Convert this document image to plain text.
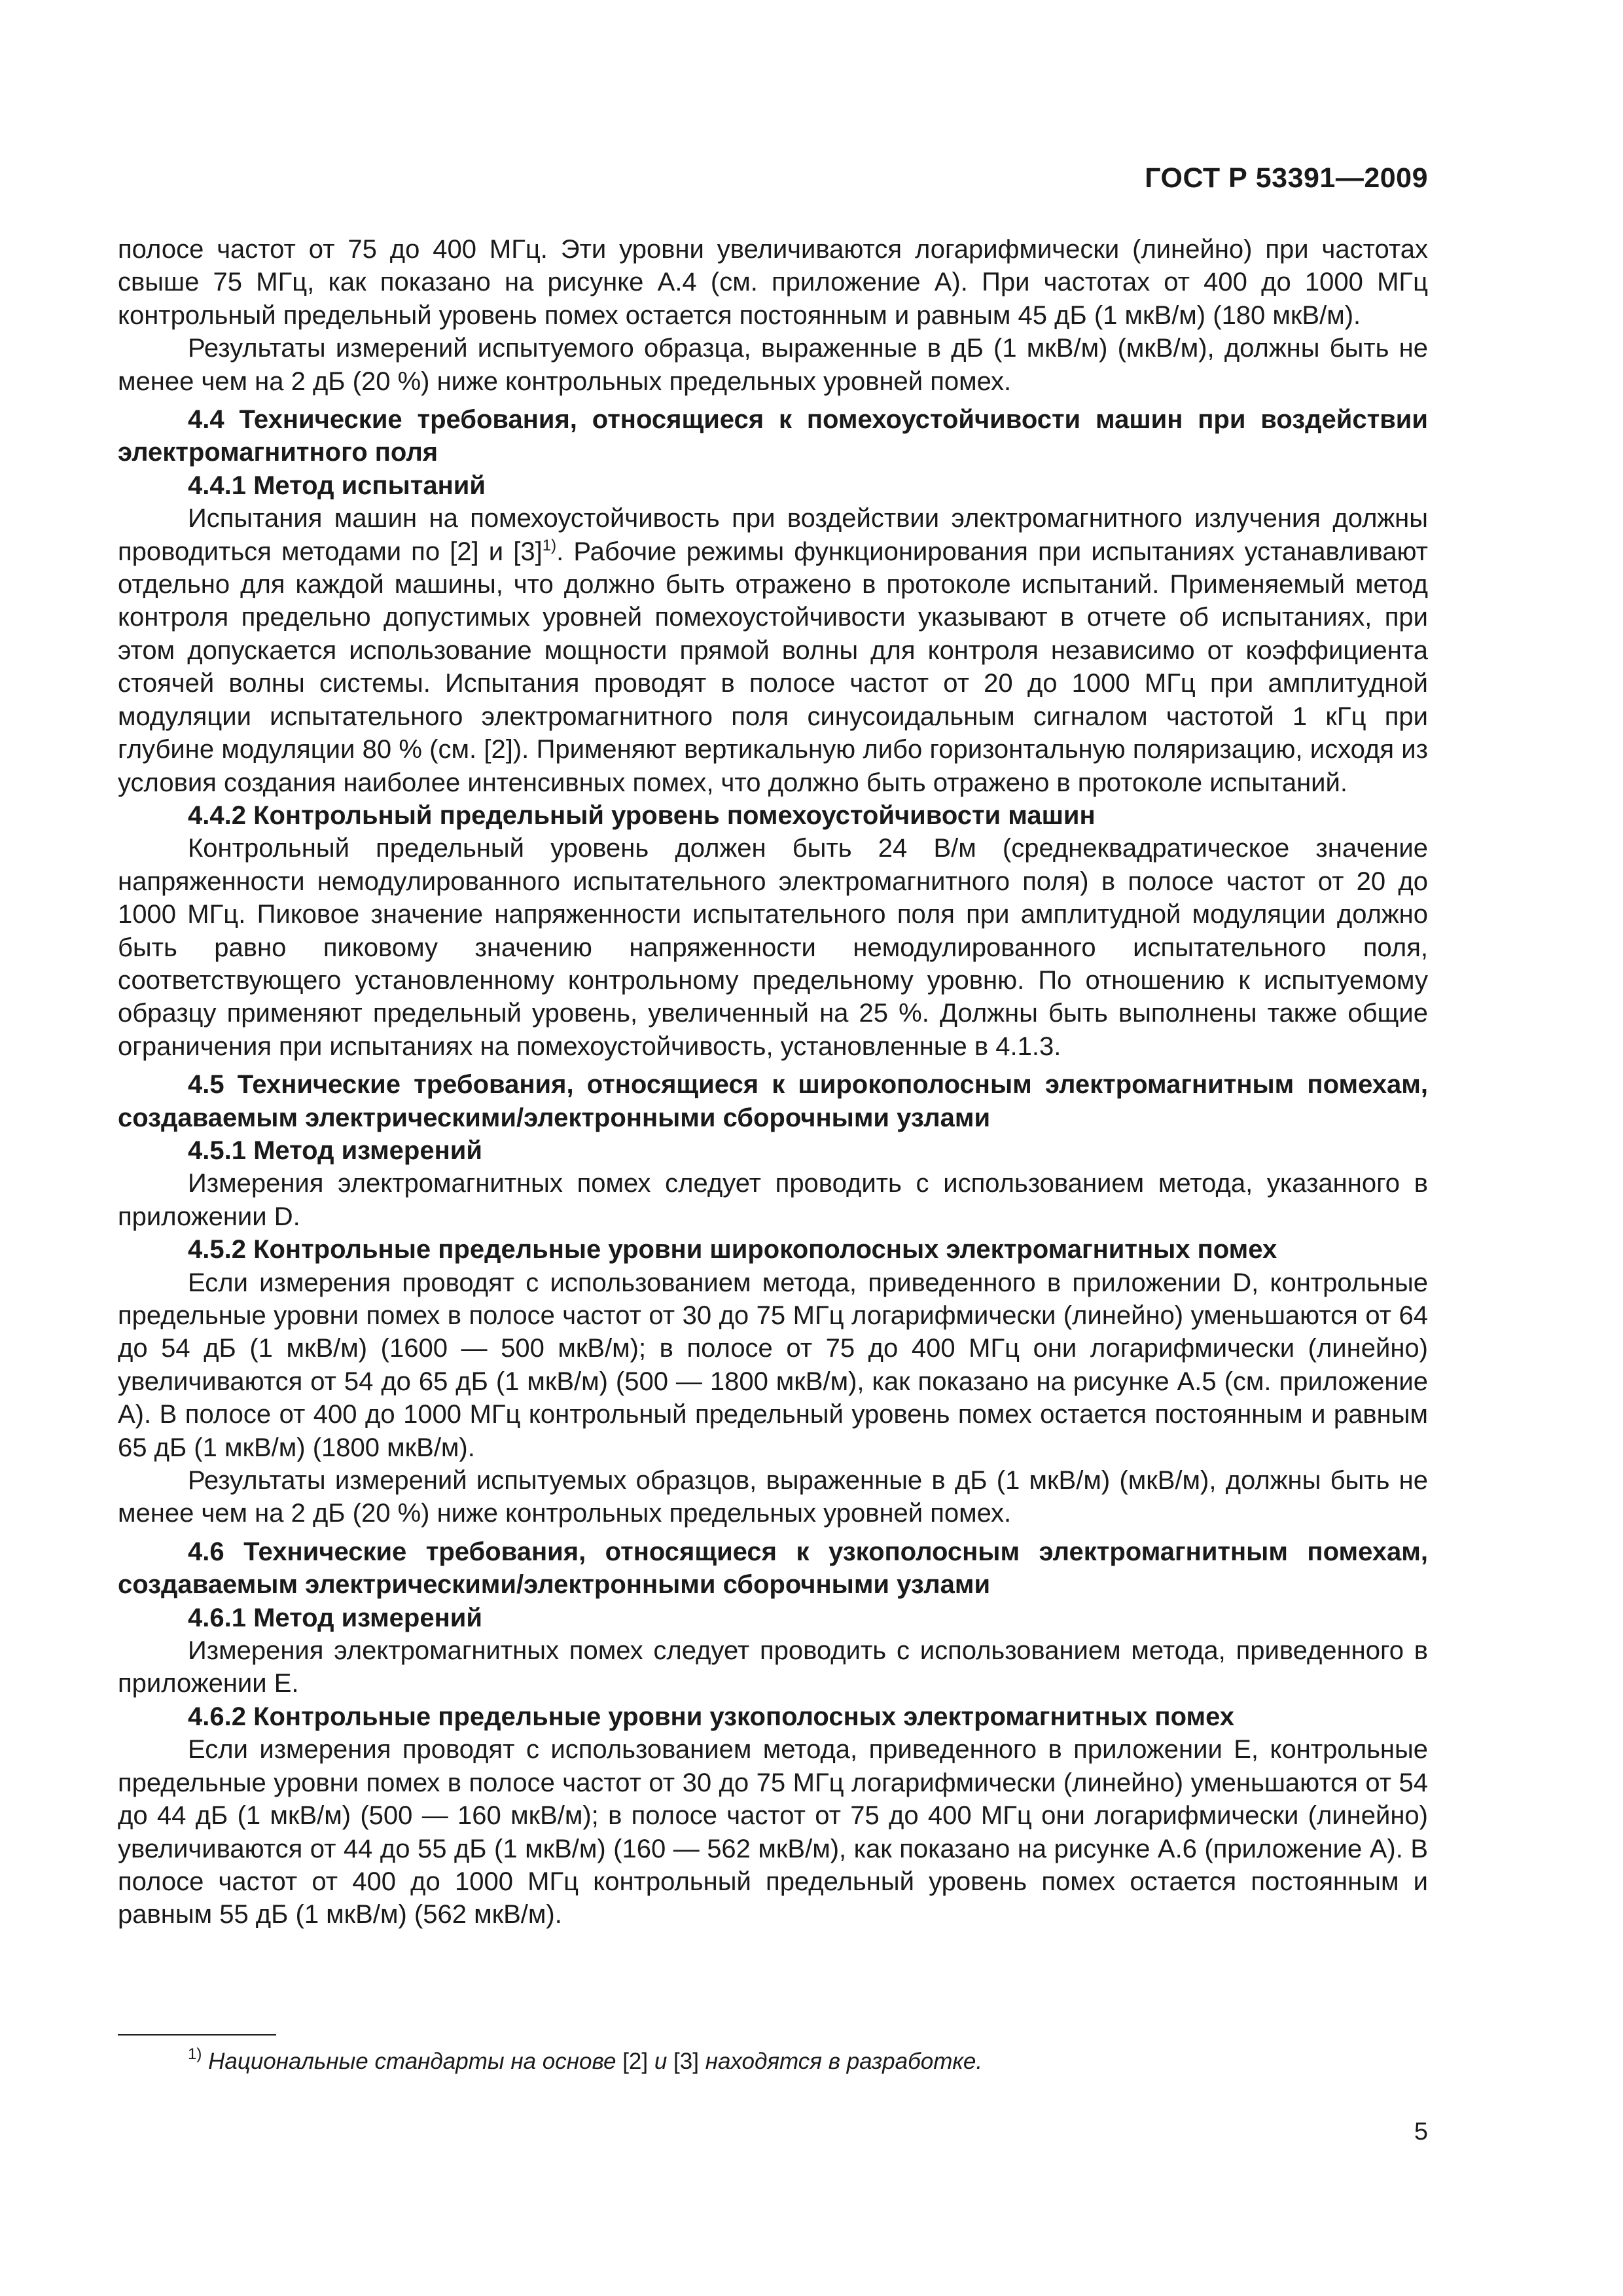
ГОСТ Р 53391—2009

полосе частот от 75 до 400 МГц. Эти уровни увеличиваются логарифмически (линейно) при частотах свыше 75 МГц, как показано на рисунке А.4 (см. приложение А). При частотах от 400 до 1000 МГц контрольный предельный уровень помех остается постоянным и равным 45 дБ (1 мкВ/м) (180 мкВ/м).

Результаты измерений испытуемого образца, выраженные в дБ (1 мкВ/м) (мкВ/м), должны быть не менее чем на 2 дБ (20 %) ниже контрольных предельных уровней помех.

4.4 Технические требования, относящиеся к помехоустойчивости машин при воздействии электромагнитного поля
4.4.1 Метод испытаний

Испытания машин на помехоустойчивость при воздействии электромагнитного излучения должны проводиться методами по [2] и $[3]^{1)}$. Рабочие режимы функционирования при испытаниях устанавливают отдельно для каждой машины, что должно быть отражено в протоколе испытаний. Применяемый метод контроля предельно допустимых уровней помехоустойчивости указывают в отчете об испытаниях, при этом допускается использование мощности прямой волны для контроля независимо от коэффициента стоячей волны системы. Испытания проводят в полосе частот от 20 до 1000 МГц при амплитудной модуляции испытательного электромагнитного поля синусоидальным сигналом частотой 1 кГц при глубине модуляции 80 % (см. [2]). Применяют вертикальную либо горизонтальную поляризацию, исходя из условия создания наиболее интенсивных помех, что должно быть отражено в протоколе испытаний.

4.4.2 Контрольный предельный уровень помехоустойчивости машин

Контрольный предельный уровень должен быть 24 В/м (среднеквадратическое значение напряженности немодулированного испытательного электромагнитного поля) в полосе частот от 20 до 1000 МГц. Пиковое значение напряженности испытательного поля при амплитудной модуляции должно быть равно пиковому значению напряженности немодулированного испытательного поля, соответствующего установленному контрольному предельному уровню. По отношению к испытуемому образцу применяют предельный уровень, увеличенный на 25 %. Должны быть выполнены также общие ограничения при испытаниях на помехоустойчивость, установленные в 4.1.3.

4.5 Технические требования, относящиеся к широкополосным электромагнитным помехам, создаваемым электрическими/электронными сборочными узлами
4.5.1 Метод измерений

Измерения электромагнитных помех следует проводить с использованием метода, указанного в приложении D.

4.5.2 Контрольные предельные уровни широкополосных электромагнитных помех

Если измерения проводят с использованием метода, приведенного в приложении D, контрольные предельные уровни помех в полосе частот от 30 до 75 МГц логарифмически (линейно) уменьшаются от 64 до 54 дБ (1 мкВ/м) (1600 — 500 мкВ/м); в полосе от 75 до 400 МГц они логарифмически (линейно) увеличиваются от 54 до 65 дБ (1 мкВ/м) (500 — 1800 мкВ/м), как показано на рисунке А.5 (см. приложение А). В полосе от 400 до 1000 МГц контрольный предельный уровень помех остается постоянным и равным 65 дБ (1 мкВ/м) (1800 мкВ/м).

Результаты измерений испытуемых образцов, выраженные в дБ (1 мкВ/м) (мкВ/м), должны быть не менее чем на 2 дБ (20 %) ниже контрольных предельных уровней помех.

4.6 Технические требования, относящиеся к узкополосным электромагнитным помехам, создаваемым электрическими/электронными сборочными узлами
4.6.1 Метод измерений

Измерения электромагнитных помех следует проводить с использованием метода, приведенного в приложении Е.

4.6.2 Контрольные предельные уровни узкополосных электромагнитных помех

Если измерения проводят с использованием метода, приведенного в приложении Е, контрольные предельные уровни помех в полосе частот от 30 до 75 МГц логарифмически (линейно) уменьшаются от 54 до 44 дБ (1 мкВ/м) (500 — 160 мкВ/м); в полосе частот от 75 до 400 МГц они логарифмически (линейно) увеличиваются от 44 до 55 дБ (1 мкВ/м) (160 — 562 мкВ/м), как показано на рисунке А.6 (приложение А). В полосе частот от 400 до 1000 МГц контрольный предельный уровень помех остается постоянным и равным 55 дБ (1 мкВ/м) (562 мкВ/м).

$^{1)}$ Национальные стандарты на основе [2] и [3] находятся в разработке.
5
